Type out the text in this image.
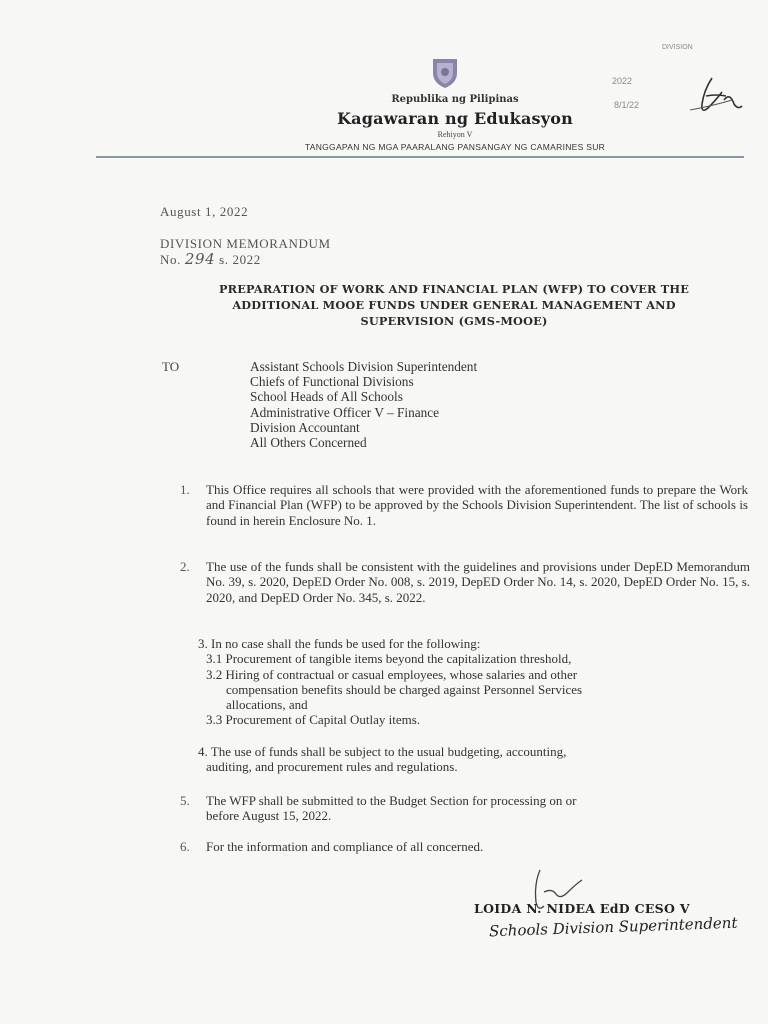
Republika ng Pilipinas
Kagawaran ng Edukasyon
Rehiyon V
TANGGAPAN NG MGA PAARALANG PANSANGAY NG CAMARINES SUR
DIVISION
2022
8/1/22
August 1, 2022
DIVISION MEMORANDUM
No. 294 s. 2022
PREPARATION OF WORK AND FINANCIAL PLAN (WFP) TO COVER THE
ADDITIONAL MOOE FUNDS UNDER GENERAL MANAGEMENT AND
SUPERVISION (GMS-MOOE)
TO	Assistant Schools Division Superintendent
Chiefs of Functional Divisions
School Heads of All Schools
Administrative Officer V – Finance
Division Accountant
All Others Concerned
1. This Office requires all schools that were provided with the aforementioned funds to prepare the Work and Financial Plan (WFP) to be approved by the Schools Division Superintendent. The list of schools is found in herein Enclosure No. 1.
2. The use of the funds shall be consistent with the guidelines and provisions under DepED Memorandum No. 39, s. 2020, DepED Order No. 008, s. 2019, DepED Order No. 14, s. 2020, DepED Order No. 15, s. 2020, and DepED Order No. 345, s. 2022.
3. In no case shall the funds be used for the following:
3.1 Procurement of tangible items beyond the capitalization threshold,
3.2 Hiring of contractual or casual employees, whose salaries and other
compensation benefits should be charged against Personnel Services
allocations, and
3.3 Procurement of Capital Outlay items.
4. The use of funds shall be subject to the usual budgeting, accounting,
auditing, and procurement rules and regulations.
5. The WFP shall be submitted to the Budget Section for processing on or
before August 15, 2022.
6. For the information and compliance of all concerned.
LOIDA N. NIDEA EdD CESO V
Schools Division Superintendent
